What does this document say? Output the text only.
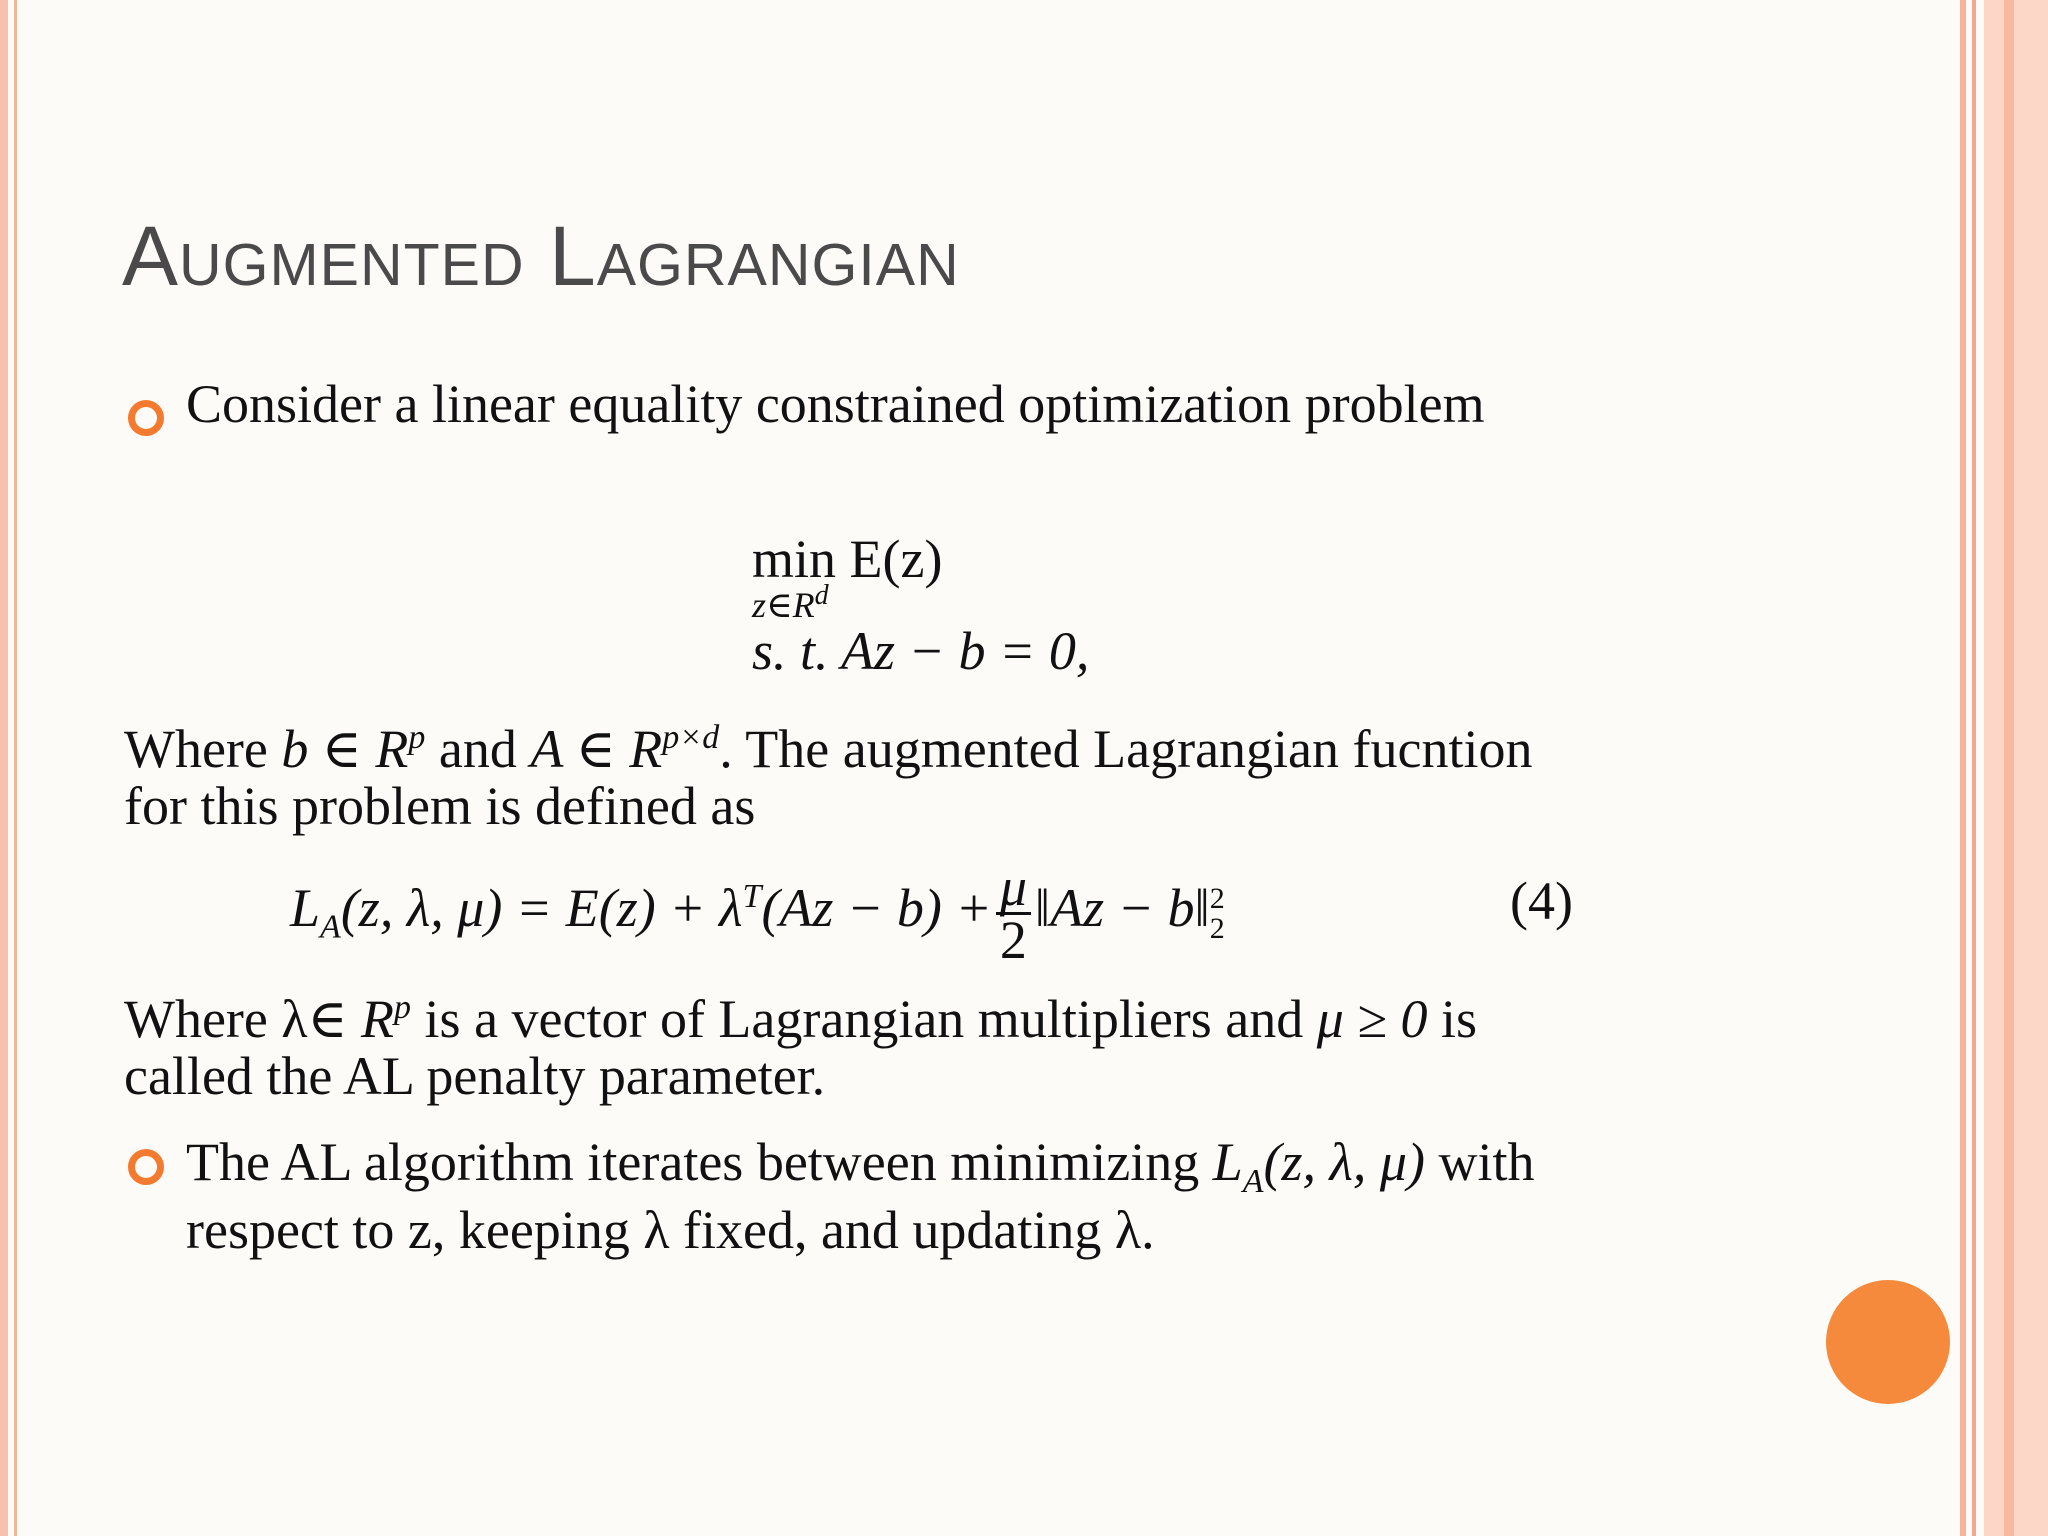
Augmented Lagrangian
Consider a linear equality constrained optimization problem
min E(z)
$z\in R^d$
s. t. Az − b = 0,
Where b ∈ $R^p$ and A ∈ $R^{p\times d}$. The augmented Lagrangian fucntion
for this problem is defined as
$L_A(z$, λ, $\mu) = E(z) + \lambda^T(Az - b) + \frac{\mu}{2}$ ‖Az − b‖ 2
2	(4)
Where λ∈ $R^p$ is a vector of Lagrangian multipliers and μ ≥ 0 is
called the AL penalty parameter.
The AL algorithm iterates between minimizing $L_A(z$, λ, μ) with
respect to z, keeping λ fixed, and updating λ.
